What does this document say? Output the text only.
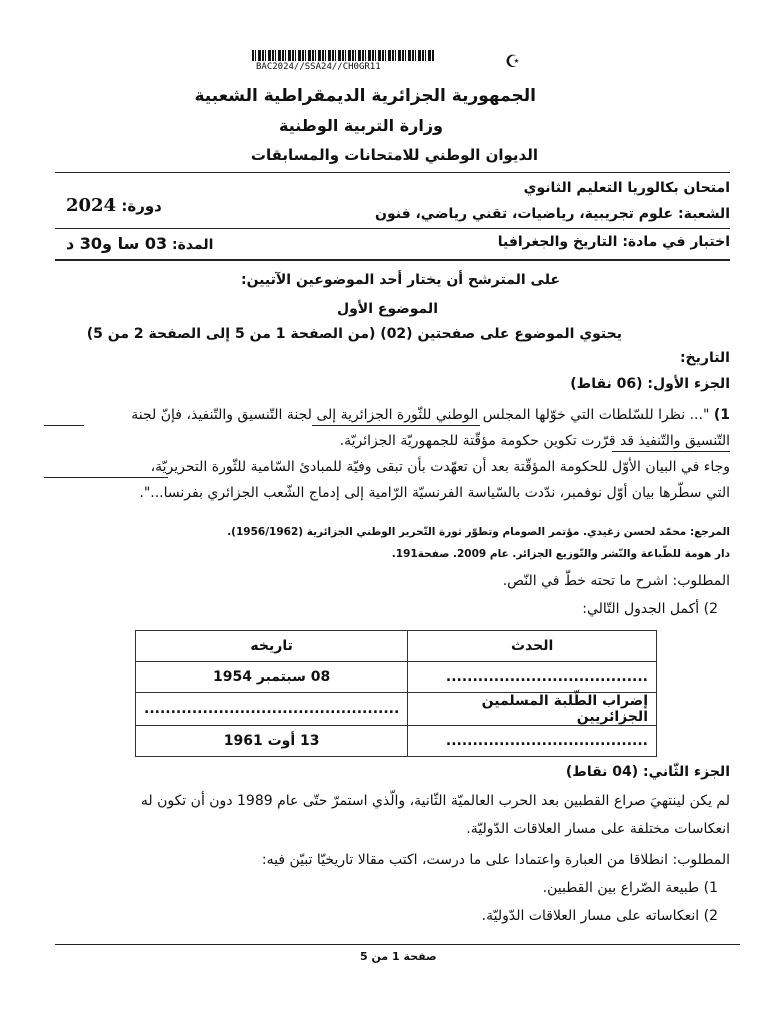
BAC2024//SSA24//CH0GR11	☪
الجمهورية الجزائرية الديمقراطية الشعبية
وزارة التربية الوطنية
الديوان الوطني للامتحانات والمسابقات
امتحان بكالوريا التعليم الثانوي
دورة: 2024	الشعبة: علوم تجريبية، رياضيات، تقني رياضي، فنون
اختبار في مادة: التاريخ والجغرافيا
المدة: 03 سا و30 د
على المترشح أن يختار أحد الموضوعين الآتيين:
الموضوع الأول
يحتوي الموضوع على صفحتين (02) (من الصفحة 1 من 5 إلى الصفحة 2 من 5)
التاريخ:
الجزء الأول: (06 نقاط)
1) "... نظرا للسّلطات التي خوّلها المجلس الوطني للثّورة الجزائرية إلى لجنة التّنسيق والتّنفيذ، فإنّ لجنة
التّنسيق والتّنفيذ قد قرّرت تكوين حكومة مؤقّتة للجمهوريّة الجزائريّة.
وجاء في البيان الأوّل للحكومة المؤقّتة بعد أن تعهّدت بأن تبقى وفيّة للمبادئ السّامية للثّورة التحريريّة،
التي سطّرها بيان أوّل نوفمبر، ندّدت بالسّياسة الفرنسيّة الرّامية إلى إدماج الشّعب الجزائري بفرنسا...".
المرجع: محمّد لحسن زغيدي. مؤتمر الصومام وتطوّر ثورة التّحرير الوطني الجزائرية (1956/1962).
دار هومة للطّباعة والنّشر والتّوزيع الجزائر. عام 2009. صفحة191.
المطلوب: اشرح ما تحته خطّ في النّص.
2) أكمل الجدول التّالي:
الحدث	تاريخه
......................................	08 سبتمبر 1954
إضراب الطّلبة المسلمين الجزائريين	................................................
......................................	13 أوت 1961
الجزء الثّاني: (04 نقاط)
لم يكن لينتهيَ صراع القطبين بعد الحرب العالميّة الثّانية، والّذي استمرّ حتّى عام 1989 دون أن تكون له
انعكاسات مختلفة على مسار العلاقات الدّوليّة.
المطلوب: انطلاقا من العبارة واعتمادا على ما درست، اكتب مقالا تاريخيّا تبيّن فيه:
1) طبيعة الصّراع بين القطبين.
2) انعكاساته على مسار العلاقات الدّوليّة.
صفحة 1 من 5
